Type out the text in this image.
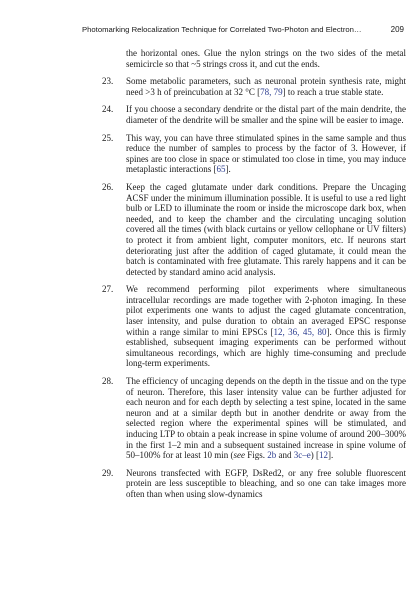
Photomarking Relocalization Technique for Correlated Two-Photon and Electron…	209

the horizontal ones. Glue the nylon strings on the two sides of the metal semicircle so that ~5 strings cross it, and cut the ends.

23. Some metabolic parameters, such as neuronal protein synthesis rate, might need >3 h of preincubation at 32 °C [78, 79] to reach a true stable state.

24. If you choose a secondary dendrite or the distal part of the main dendrite, the diameter of the dendrite will be smaller and the spine will be easier to image.

25. This way, you can have three stimulated spines in the same sample and thus reduce the number of samples to process by the factor of 3. However, if spines are too close in space or stimulated too close in time, you may induce metaplastic interactions [65].

26. Keep the caged glutamate under dark conditions. Prepare the Uncaging ACSF under the minimum illumination possible. It is useful to use a red light bulb or LED to illuminate the room or inside the microscope dark box, when needed, and to keep the chamber and the circulating uncaging solution covered all the times (with black curtains or yellow cellophane or UV filters) to protect it from ambient light, computer monitors, etc. If neurons start deteriorating just after the addition of caged glutamate, it could mean the batch is contaminated with free glutamate. This rarely happens and it can be detected by standard amino acid analysis.

27. We recommend performing pilot experiments where simultaneous intracellular recordings are made together with 2-photon imaging. In these pilot experiments one wants to adjust the caged glutamate concentration, laser intensity, and pulse duration to obtain an averaged EPSC response within a range similar to mini EPSCs [12, 36, 45, 80]. Once this is firmly established, subsequent imaging experiments can be performed without simultaneous recordings, which are highly time-consuming and preclude long-term experiments.

28. The efficiency of uncaging depends on the depth in the tissue and on the type of neuron. Therefore, this laser intensity value can be further adjusted for each neuron and for each depth by selecting a test spine, located in the same neuron and at a similar depth but in another dendrite or away from the selected region where the experimental spines will be stimulated, and inducing LTP to obtain a peak increase in spine volume of around 200–300% in the first 1–2 min and a subsequent sustained increase in spine volume of 50–100% for at least 10 min (see Figs. 2b and 3c–e) [12].

29. Neurons transfected with EGFP, DsRed2, or any free soluble fluorescent protein are less susceptible to bleaching, and so one can take images more often than when using slow-dynamics
